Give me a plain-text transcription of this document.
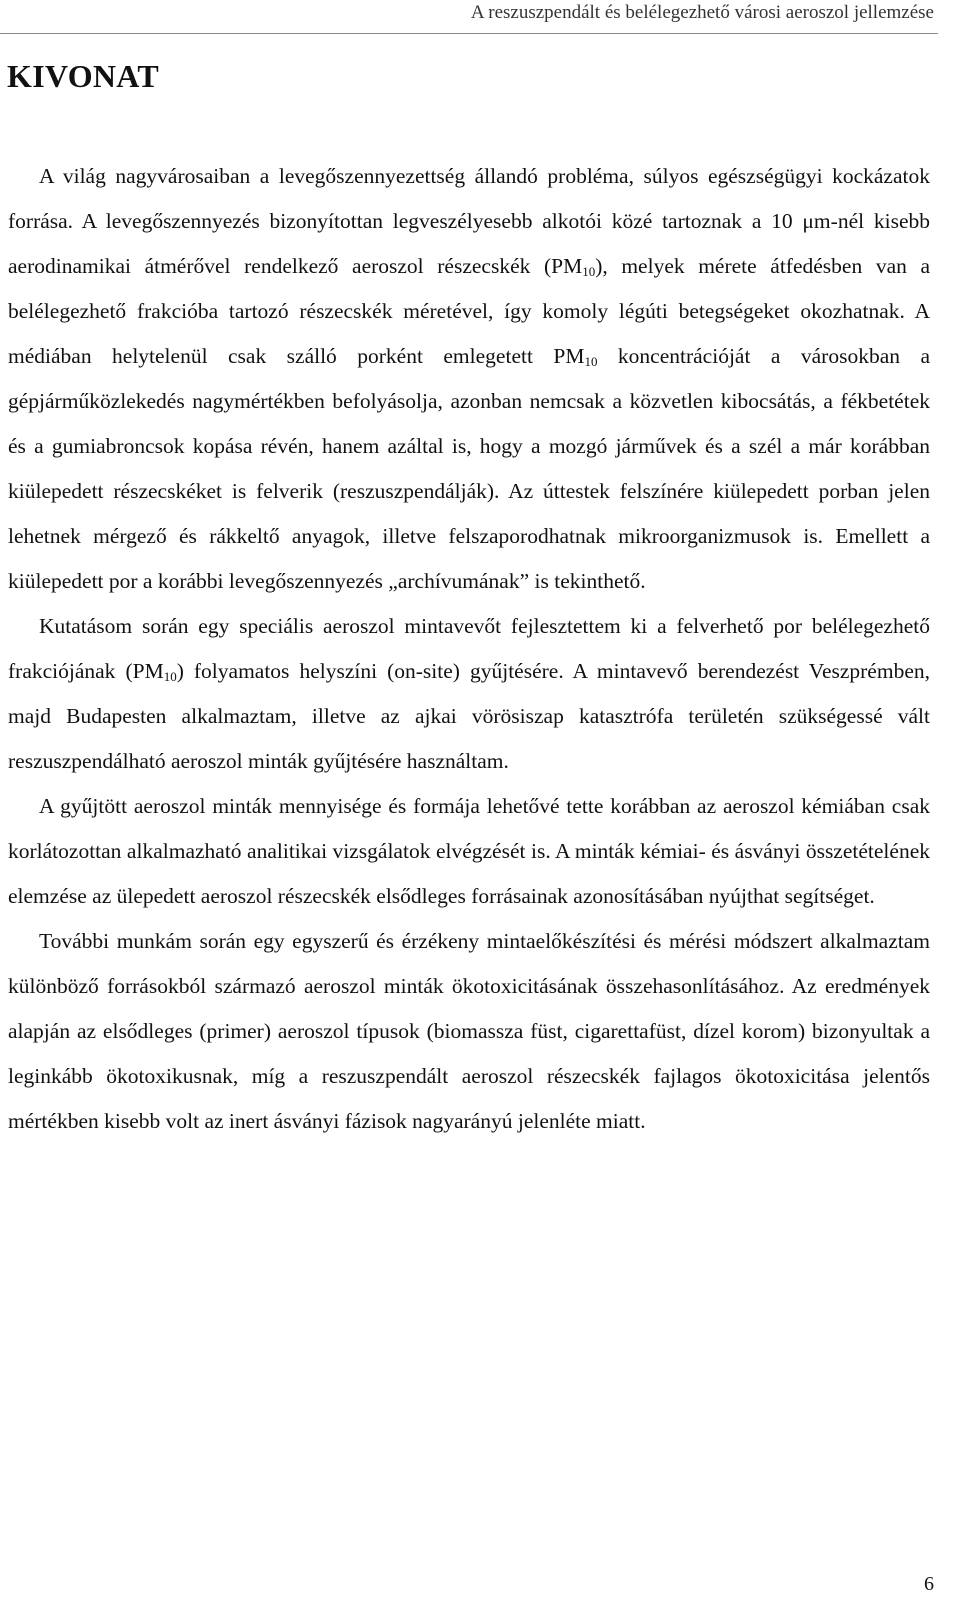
A reszuszpendált és belélegezhető városi aeroszol jellemzése
KIVONAT

A világ nagyvárosaiban a levegőszennyezettség állandó probléma, súlyos egészségügyi kockázatok forrása. A levegőszennyezés bizonyítottan legveszélyesebb alkotói közé tartoznak a 10 μm-nél kisebb aerodinamikai átmérővel rendelkező aeroszol részecskék $(PM_{10})$, melyek mérete átfedésben van a belélegezhető frakcióba tartozó részecskék méretével, így komoly légúti betegségeket okozhatnak. A médiában helytelenül csak szálló porként emlegetett $PM_{10}$ koncentrációját a városokban a gépjárműközlekedés nagymértékben befolyásolja, azonban nemcsak a közvetlen kibocsátás, a fékbetétek és a gumiabroncsok kopása révén, hanem azáltal is, hogy a mozgó járművek és a szél a már korábban kiülepedett részecskéket is felverik (reszuszpendálják). Az úttestek felszínére kiülepedett porban jelen lehetnek mérgező és rákkeltő anyagok, illetve felszaporodhatnak mikroorganizmusok is. Emellett a kiülepedett por a korábbi levegőszennyezés „archívumának” is tekinthető.

Kutatásom során egy speciális aeroszol mintavevőt fejlesztettem ki a felverhető por belélegezhető frakciójának $(PM_{10})$ folyamatos helyszíni (on-site) gyűjtésére. A mintavevő berendezést Veszprémben, majd Budapesten alkalmaztam, illetve az ajkai vörösiszap katasztrófa területén szükségessé vált reszuszpendálható aeroszol minták gyűjtésére használtam.

A gyűjtött aeroszol minták mennyisége és formája lehetővé tette korábban az aeroszol kémiában csak korlátozottan alkalmazható analitikai vizsgálatok elvégzését is. A minták kémiai- és ásványi összetételének elemzése az ülepedett aeroszol részecskék elsődleges forrásainak azonosításában nyújthat segítséget.

További munkám során egy egyszerű és érzékeny mintaelőkészítési és mérési módszert alkalmaztam különböző forrásokból származó aeroszol minták ökotoxicitásának összehasonlításához. Az eredmények alapján az elsődleges (primer) aeroszol típusok (biomassza füst, cigarettafüst, dízel korom) bizonyultak a leginkább ökotoxikusnak, míg a reszuszpendált aeroszol részecskék fajlagos ökotoxicitása jelentős mértékben kisebb volt az inert ásványi fázisok nagyarányú jelenléte miatt.

6
